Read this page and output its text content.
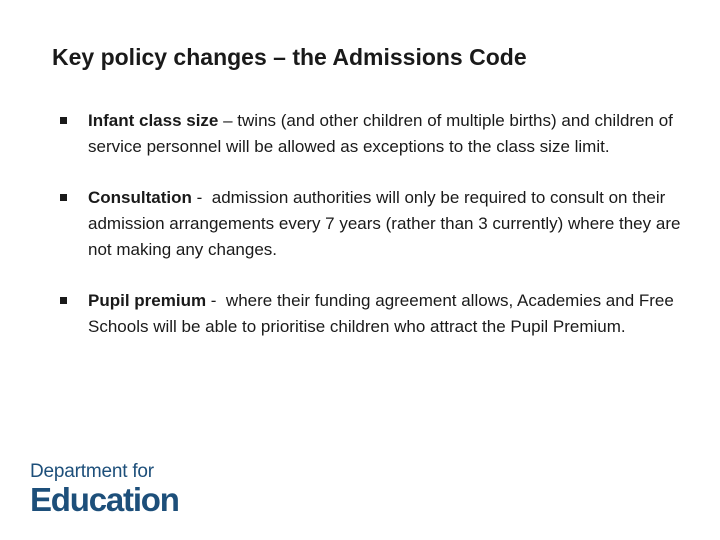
Key policy changes – the Admissions Code
Infant class size – twins (and other children of multiple births) and children of service personnel will be allowed as exceptions to the class size limit.
Consultation -  admission authorities will only be required to consult on their admission arrangements every 7 years (rather than 3 currently) where they are not making any changes.
Pupil premium -  where their funding agreement allows, Academies and Free Schools will be able to prioritise children who attract the Pupil Premium.
Department for
Education
